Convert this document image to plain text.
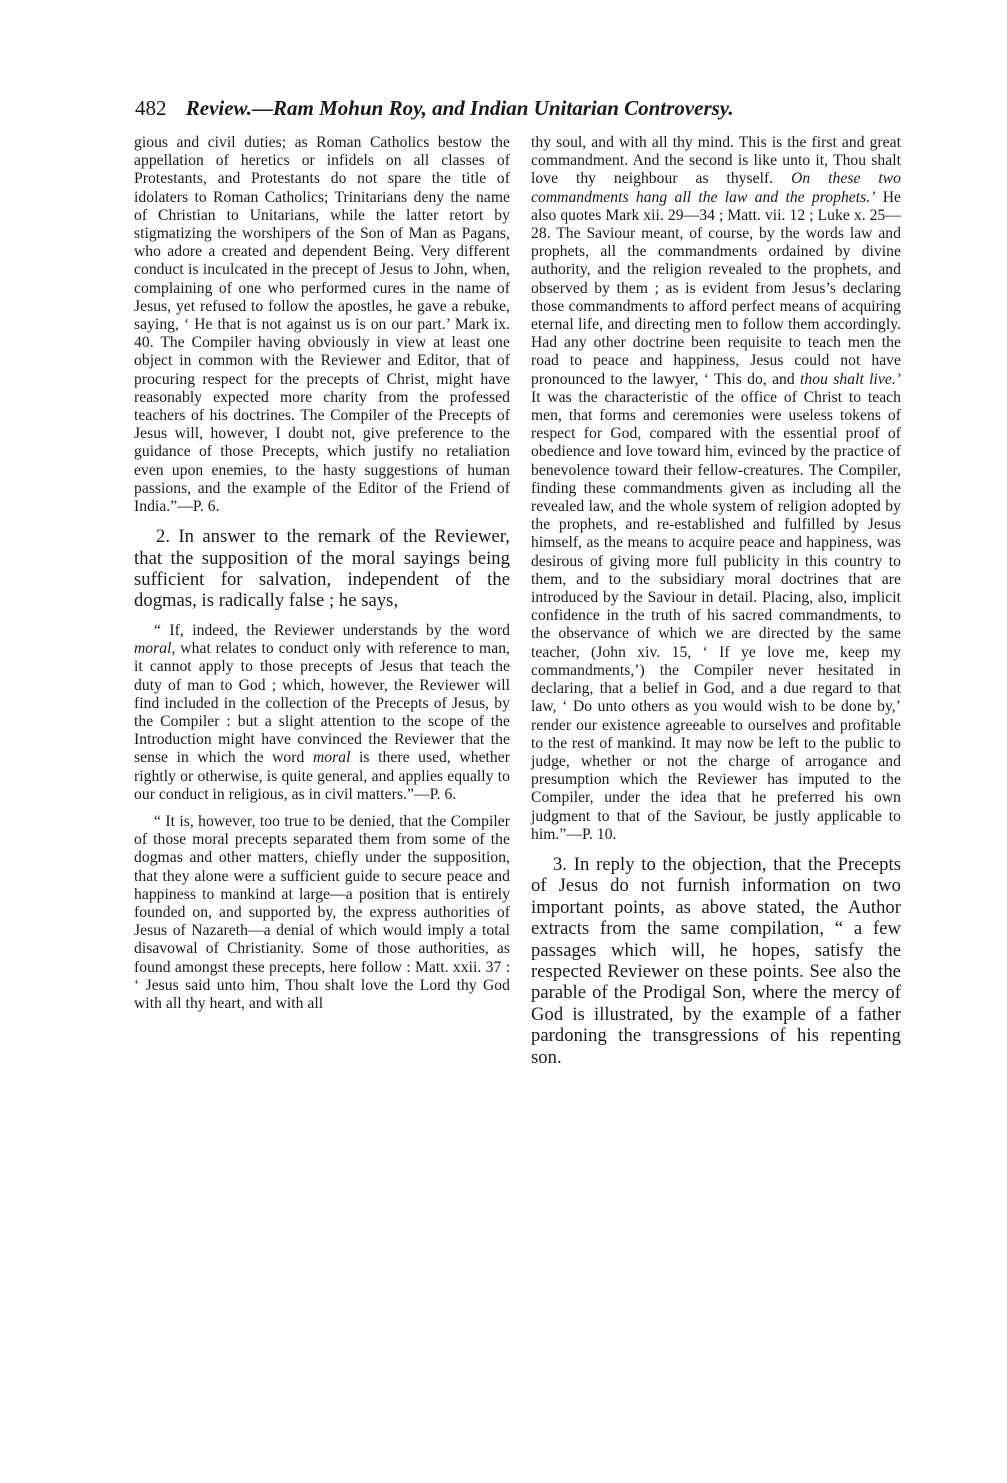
482 Review.—Ram Mohun Roy, and Indian Unitarian Controversy.

gious and civil duties; as Roman Catholics bestow the appellation of heretics or infidels on all classes of Protestants, and Protestants do not spare the title of idolaters to Roman Catholics; Trinitarians deny the name of Christian to Unitarians, while the latter retort by stigmatizing the worshipers of the Son of Man as Pagans, who adore a created and dependent Being. Very different conduct is inculcated in the precept of Jesus to John, when, complaining of one who performed cures in the name of Jesus, yet refused to follow the apostles, he gave a rebuke, saying, ‘ He that is not against us is on our part.’ Mark ix. 40. The Compiler having obviously in view at least one object in common with the Reviewer and Editor, that of procuring respect for the precepts of Christ, might have reasonably expected more charity from the professed teachers of his doctrines. The Compiler of the Precepts of Jesus will, however, I doubt not, give preference to the guidance of those Precepts, which justify no retaliation even upon enemies, to the hasty suggestions of human passions, and the example of the Editor of the Friend of India.”—P. 6.

2. In answer to the remark of the Reviewer, that the supposition of the moral sayings being sufficient for salvation, independent of the dogmas, is radically false ; he says,

“ If, indeed, the Reviewer understands by the word moral, what relates to conduct only with reference to man, it cannot apply to those precepts of Jesus that teach the duty of man to God ; which, however, the Reviewer will find included in the collection of the Precepts of Jesus, by the Compiler : but a slight attention to the scope of the Introduction might have convinced the Reviewer that the sense in which the word moral is there used, whether rightly or otherwise, is quite general, and applies equally to our conduct in religious, as in civil matters.”—P. 6.

“ It is, however, too true to be denied, that the Compiler of those moral precepts separated them from some of the dogmas and other matters, chiefly under the supposition, that they alone were a sufficient guide to secure peace and happiness to mankind at large—a position that is entirely founded on, and supported by, the express authorities of Jesus of Nazareth—a denial of which would imply a total disavowal of Christianity. Some of those authorities, as found amongst these precepts, here follow : Matt. xxii. 37 : ‘ Jesus said unto him, Thou shalt love the Lord thy God with all thy heart, and with all

thy soul, and with all thy mind. This is the first and great commandment. And the second is like unto it, Thou shalt love thy neighbour as thyself. On these two commandments hang all the law and the prophets.’ He also quotes Mark xii. 29—34 ; Matt. vii. 12 ; Luke x. 25—28. The Saviour meant, of course, by the words law and prophets, all the commandments ordained by divine authority, and the religion revealed to the prophets, and observed by them ; as is evident from Jesus’s declaring those commandments to afford perfect means of acquiring eternal life, and directing men to follow them accordingly. Had any other doctrine been requisite to teach men the road to peace and happiness, Jesus could not have pronounced to the lawyer, ‘ This do, and thou shalt live.’ It was the characteristic of the office of Christ to teach men, that forms and ceremonies were useless tokens of respect for God, compared with the essential proof of obedience and love toward him, evinced by the practice of benevolence toward their fellow-creatures. The Compiler, finding these commandments given as including all the revealed law, and the whole system of religion adopted by the prophets, and re-established and fulfilled by Jesus himself, as the means to acquire peace and happiness, was desirous of giving more full publicity in this country to them, and to the subsidiary moral doctrines that are introduced by the Saviour in detail. Placing, also, implicit confidence in the truth of his sacred commandments, to the observance of which we are directed by the same teacher, (John xiv. 15, ‘ If ye love me, keep my commandments,’) the Compiler never hesitated in declaring, that a belief in God, and a due regard to that law, ‘ Do unto others as you would wish to be done by,’ render our existence agreeable to ourselves and profitable to the rest of mankind. It may now be left to the public to judge, whether or not the charge of arrogance and presumption which the Reviewer has imputed to the Compiler, under the idea that he preferred his own judgment to that of the Saviour, be justly applicable to him.”—P. 10.

3. In reply to the objection, that the Precepts of Jesus do not furnish information on two important points, as above stated, the Author extracts from the same compilation, “ a few passages which will, he hopes, satisfy the respected Reviewer on these points. See also the parable of the Prodigal Son, where the mercy of God is illustrated, by the example of a father pardoning the transgressions of his repenting son.
